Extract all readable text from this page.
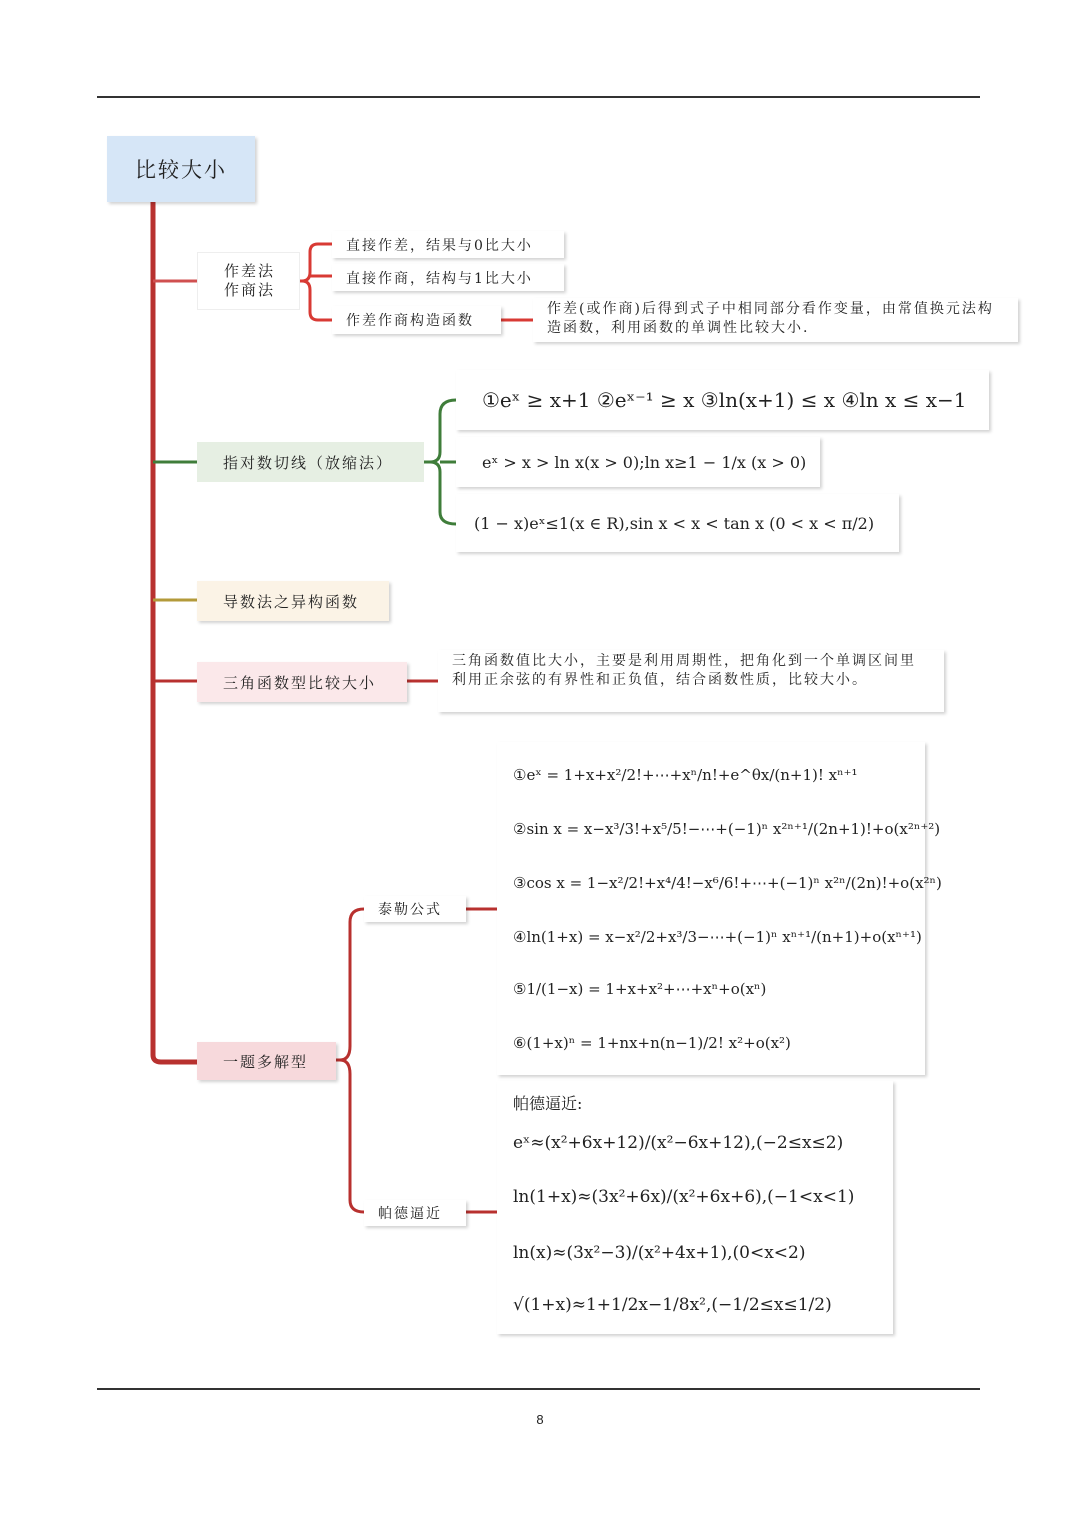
比较大小
作差法
作商法
直接作差，结果与0比大小
直接作商，结构与1比大小
作差作商构造函数
作差(或作商)后得到式子中相同部分看作变量，由常值换元法构造函数，利用函数的单调性比较大小.
指对数切线（放缩法）
①eˣ ≥ x+1 ②eˣ⁻¹ ≥ x ③ln(x+1) ≤ x ④ln x ≤ x−1
eˣ > x > ln x(x > 0);ln x≥1 − 1/x (x > 0)
(1 − x)eˣ≤1(x ∈ R),sin x < x < tan x (0 < x < π/2)
导数法之异构函数
三角函数型比较大小
三角函数值比大小，主要是利用周期性，把角化到一个单调区间里利用正余弦的有界性和正负值，结合函数性质，比较大小。
一题多解型
泰勒公式
帕德逼近
①eˣ = 1+x+x²/2!+⋯+xⁿ/n!+e^θx/(n+1)! xⁿ⁺¹
②sin x = x−x³/3!+x⁵/5!−⋯+(−1)ⁿ x²ⁿ⁺¹/(2n+1)!+o(x²ⁿ⁺²)
③cos x = 1−x²/2!+x⁴/4!−x⁶/6!+⋯+(−1)ⁿ x²ⁿ/(2n)!+o(x²ⁿ)
④ln(1+x) = x−x²/2+x³/3−⋯+(−1)ⁿ xⁿ⁺¹/(n+1)+o(xⁿ⁺¹)
⑤1/(1−x) = 1+x+x²+⋯+xⁿ+o(xⁿ)
⑥(1+x)ⁿ = 1+nx+n(n−1)/2! x²+o(x²)
帕德逼近:
eˣ≈(x²+6x+12)/(x²−6x+12),(−2≤x≤2)
ln(1+x)≈(3x²+6x)/(x²+6x+6),(−1<x<1)
ln(x)≈(3x²−3)/(x²+4x+1),(0<x<2)
√(1+x)≈1+1/2x−1/8x²,(−1/2≤x≤1/2)
8
